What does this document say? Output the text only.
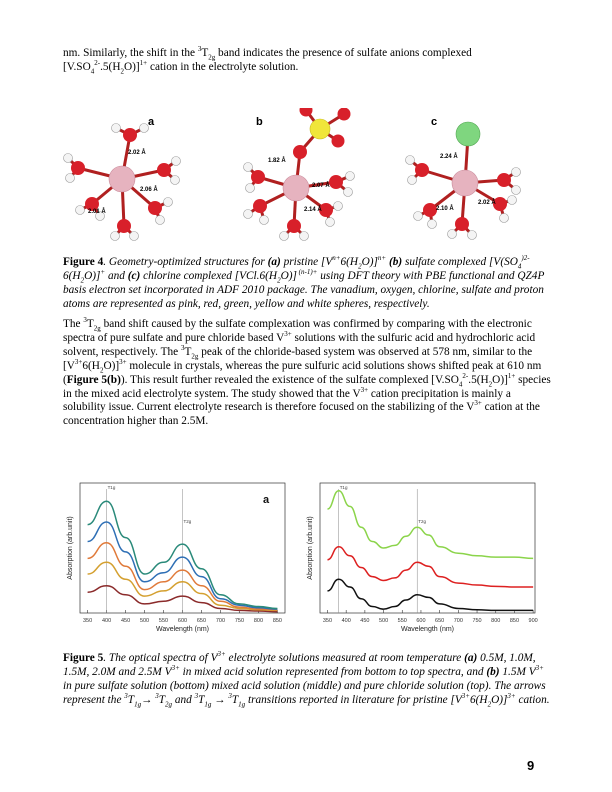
nm. Similarly, the shift in the $^3T_{2g}$ band indicates the presence of sulfate anions complexed
$[V.SO_4^{2-}.5(H_2O)]^{1+}$ cation in the electrolyte solution.

a	b	c
2.02 Å
2.06 Å
2.01 Å
1.82 Å
2.07 Å
2.14 Å
2.24 Å
2.02 Å
2.10 Å

Figure 4. Geometry-optimized structures for (a) pristine $[V^{n+}6(H_2O)]^{n+}$ (b) sulfate complexed [$V(SO_4^{)2-}6(H_2O)]^+$ and (c) chlorine complexed $[VCl.6(H_2O)]$ $^{(n-1)+}$ using DFT theory with PBE functional and QZ4P basis electron set incorporated in ADF 2010 package. The vanadium, oxygen, chlorine, sulfate and proton atoms are represented as pink, red, green, yellow and white spheres, respectively.

The $^3T_{2g}$ band shift caused by the sulfate complexation was confirmed by comparing with the electronic spectra of pure sulfate and pure chloride based $V^{3+}$ solutions with the sulfuric acid and hydrochloric acid solvent, respectively. The $^3T_{2g}$ peak of the chloride-based system was observed at 578 nm, similar to the $[V^{3+}6(H_2O)]^{3+}$ molecule in crystals, whereas the pure sulfuric acid solutions shows shifted peak at 610 nm (Figure 5(b)). This result further revealed the existence of the sulfate complexed $[V.SO_4^{2-}.5(H_2O)]^{1+}$ species in the mixed acid electrolyte system. The study showed that the $V^{3+}$ cation precipitation is mainly a solubility issue. Current electrolyte research is therefore focused on the stabilizing of the $V^{3+}$ cation at the concentration higher than 2.5M.

350 400 450 500 550 600 650 700 750 800 850
Wavelength (nm)
Absorption (arb.unit)
T1g
T2g
a
350 400 450 500 550 600 650 700 750 800 850 900
Wavelength (nm)
Absorption (arb.unit)
T1g
T2g

Figure 5. The optical spectra of $V^{3+}$ electrolyte solutions measured at room temperature (a) 0.5M, 1.0M, 1.5M, 2.0M and 2.5M $V^{3+}$ in mixed acid solution represented from bottom to top spectra, and (b) 1.5M $V^{3+}$ in pure sulfate solution (bottom) mixed acid solution (middle) and pure chloride solution (top). The arrows represent the $^3T_{1g}\to ^3T_{2g}$ and $^3T_{1g} \to ^3T_{1g}$ transitions reported in literature for pristine $[V^{3+}6(H_2O)]^{3+}$ cation.

9
